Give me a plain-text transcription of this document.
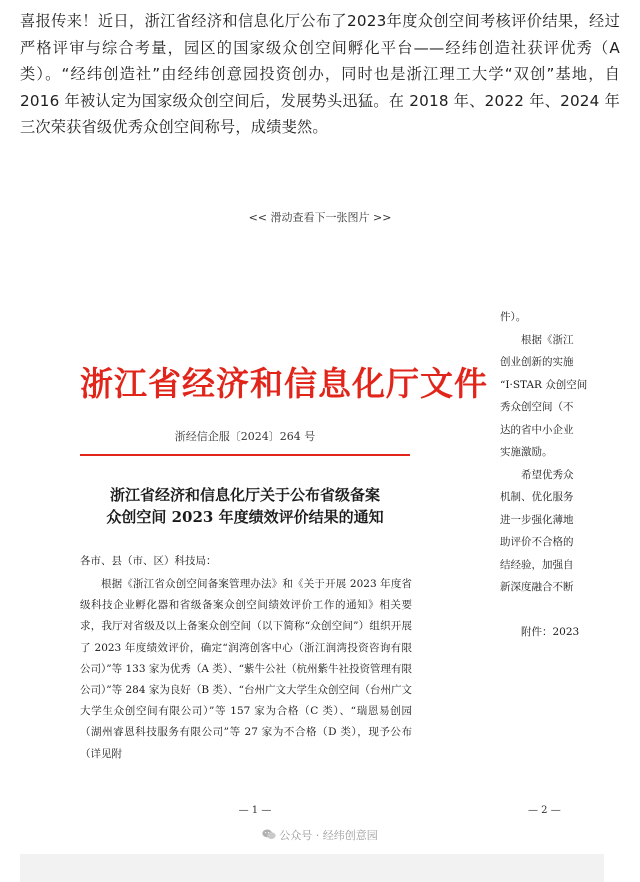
喜报传来！近日，浙江省经济和信息化厅公布了2023年度众创空间考核评价结果，经过严格评审与综合考量，园区的国家级众创空间孵化平台——经纬创造社获评优秀（A类）。“经纬创造社”由经纬创意园投资创办，同时也是浙江理工大学“双创”基地，自2016 年被认定为国家级众创空间后，发展势头迅猛。在 2018 年、2022 年、2024 年三次荣获省级优秀众创空间称号，成绩斐然。

<< 滑动查看下一张图片 >>
浙江省经济和信息化厅文件
浙经信企服〔2024〕264 号
浙江省经济和信息化厅关于公布省级备案
众创空间 2023 年度绩效评价结果的通知
各市、县（市、区）科技局：

根据《浙江省众创空间备案管理办法》和《关于开展 2023 年度省级科技企业孵化器和省级备案众创空间绩效评价工作的通知》相关要求，我厅对省级及以上备案众创空间（以下简称“众创空间”）组织开展了 2023 年度绩效评价，确定“润湾创客中心（浙江润湾投资咨询有限公司）”等 133 家为优秀（A 类）、“紫牛公社（杭州紫牛社投资管理有限公司）”等 284 家为良好（B 类）、“台州广文大学生众创空间（台州广文大学生众创空间有限公司）”等 157 家为合格（C 类）、“瑞恩易创园（湖州睿恩科技服务有限公司”等 27 家为不合格（D 类），现予公布（详见附

— 1 —
件）。
　　根据《浙江
创业创新的实施
“I·STAR 众创空间
秀众创空间（不
达的省中小企业
实施激励。
　　希望优秀众
机制、优化服务
进一步强化薄地
助评价不合格的
结经验，加强自
新深度融合不断

　　附件：2023
— 2 —
公众号 · 经纬创意园
